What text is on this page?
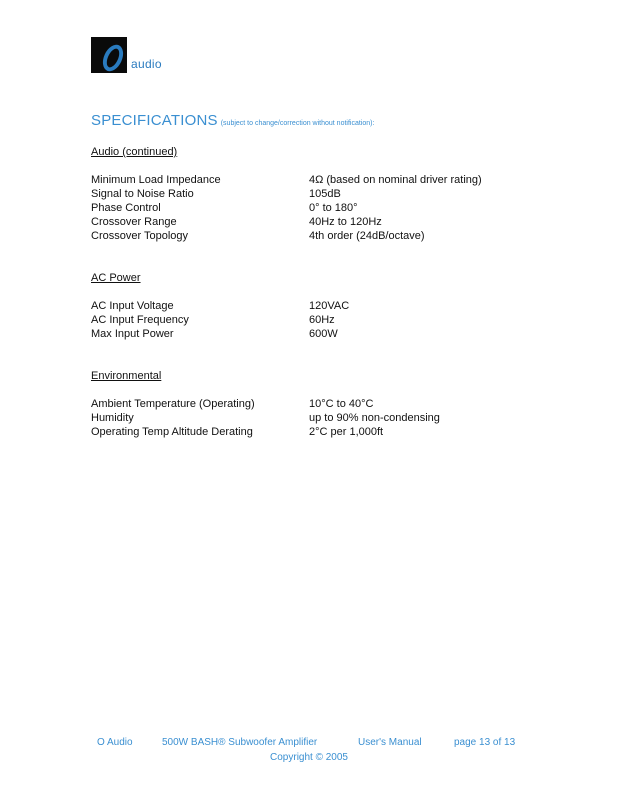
audio
SPECIFICATIONS (subject to change/correction without notification):
Audio (continued)
Minimum Load Impedance	4Ω (based on nominal driver rating)
Signal to Noise Ratio	105dB
Phase Control	0° to 180°
Crossover Range	40Hz to 120Hz
Crossover Topology	4th order (24dB/octave)
AC Power
AC Input Voltage	120VAC
AC Input Frequency	60Hz
Max Input Power	600W
Environmental
Ambient Temperature (Operating)	10°C to 40°C
Humidity	up to 90% non-condensing
Operating Temp Altitude Derating	2°C per 1,000ft
O Audio	500W BASH® Subwoofer Amplifier	User's Manual	page 13 of 13
Copyright © 2005
